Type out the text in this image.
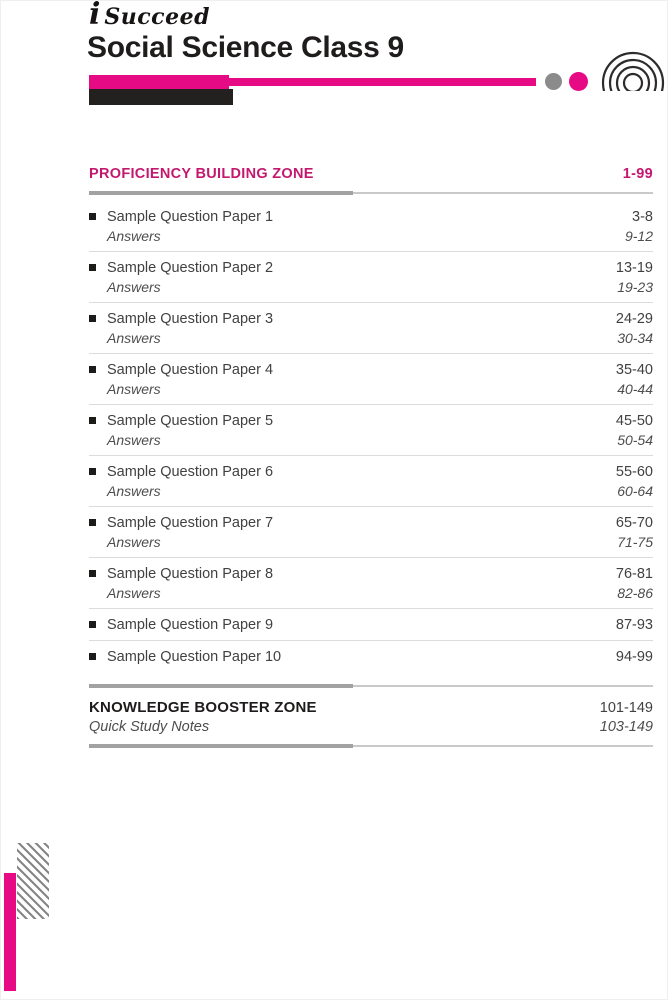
i Succeed
Social Science Class 9
PROFICIENCY BUILDING ZONE	1-99
Sample Question Paper 1	3-8
Answers	9-12
Sample Question Paper 2	13-19
Answers	19-23
Sample Question Paper 3	24-29
Answers	30-34
Sample Question Paper 4	35-40
Answers	40-44
Sample Question Paper 5	45-50
Answers	50-54
Sample Question Paper 6	55-60
Answers	60-64
Sample Question Paper 7	65-70
Answers	71-75
Sample Question Paper 8	76-81
Answers	82-86
Sample Question Paper 9	87-93
Sample Question Paper 10	94-99
KNOWLEDGE BOOSTER ZONE	101-149
Quick Study Notes	103-149
